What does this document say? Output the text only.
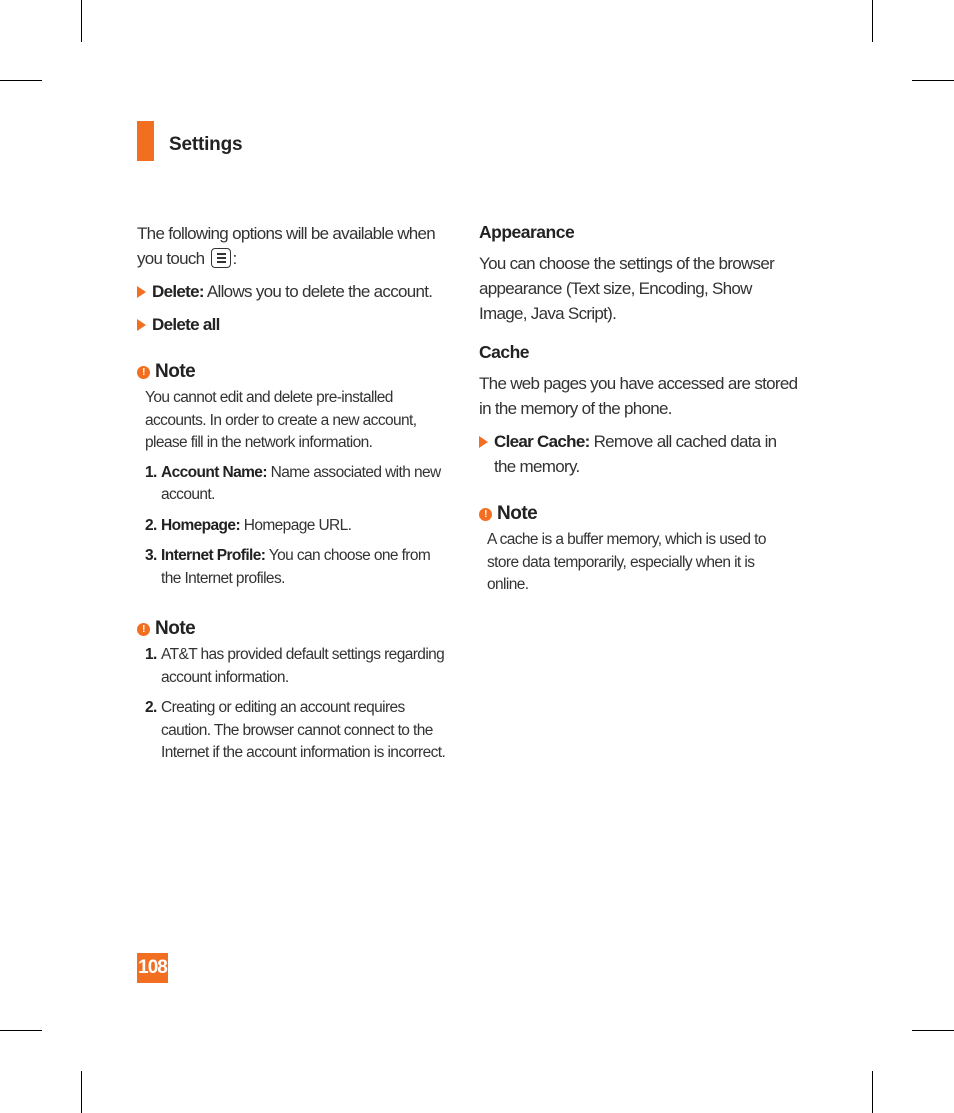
Settings
The following options will be available when you touch :
Delete: Allows you to delete the account.
Delete all
! Note
You cannot edit and delete pre-installed accounts. In order to create a new account, please fill in the network information.
1. Account Name: Name associated with new account.
2. Homepage: Homepage URL.
3. Internet Profile: You can choose one from the Internet profiles.
! Note
1. AT&T has provided default settings regarding account information.
2. Creating or editing an account requires caution. The browser cannot connect to the Internet if the account information is incorrect.
Appearance
You can choose the settings of the browser appearance (Text size, Encoding, Show Image, Java Script).
Cache
The web pages you have accessed are stored in the memory of the phone.
Clear Cache: Remove all cached data in the memory.
! Note
A cache is a buffer memory, which is used to store data temporarily, especially when it is online.
108
